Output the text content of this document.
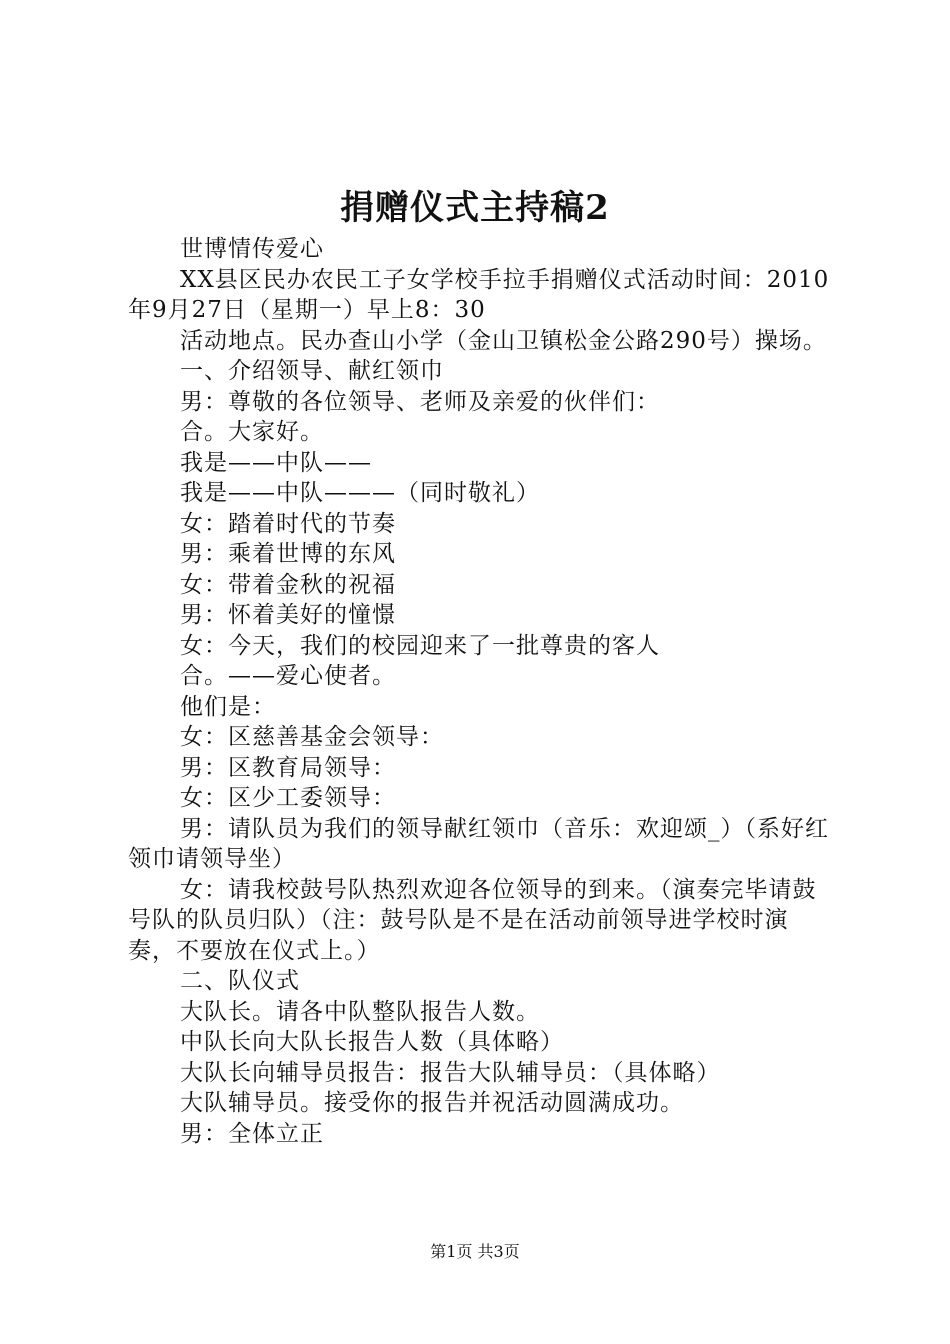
捐赠仪式主持稿2

世博情传爱心

XX县区民办农民工子女学校手拉手捐赠仪式活动时间：2010年9月27日（星期一）早上8：30

活动地点。民办查山小学（金山卫镇松金公路290号）操场。

一、介绍领导、献红领巾

男：尊敬的各位领导、老师及亲爱的伙伴们：

合。大家好。

我是——中队——

我是——中队———（同时敬礼）

女：踏着时代的节奏

男：乘着世博的东风

女：带着金秋的祝福

男：怀着美好的憧憬

女：今天，我们的校园迎来了一批尊贵的客人

合。——爱心使者。

他们是：

女：区慈善基金会领导：

男：区教育局领导：

女：区少工委领导：

男：请队员为我们的领导献红领巾（音乐：欢迎颂_）（系好红领巾请领导坐）

女：请我校鼓号队热烈欢迎各位领导的到来。（演奏完毕请鼓号队的队员归队）（注：鼓号队是不是在活动前领导进学校时演奏，不要放在仪式上。）

二、队仪式

大队长。请各中队整队报告人数。

中队长向大队长报告人数（具体略）

大队长向辅导员报告：报告大队辅导员：（具体略）

大队辅导员。接受你的报告并祝活动圆满成功。

男：全体立正

第1页 共3页
